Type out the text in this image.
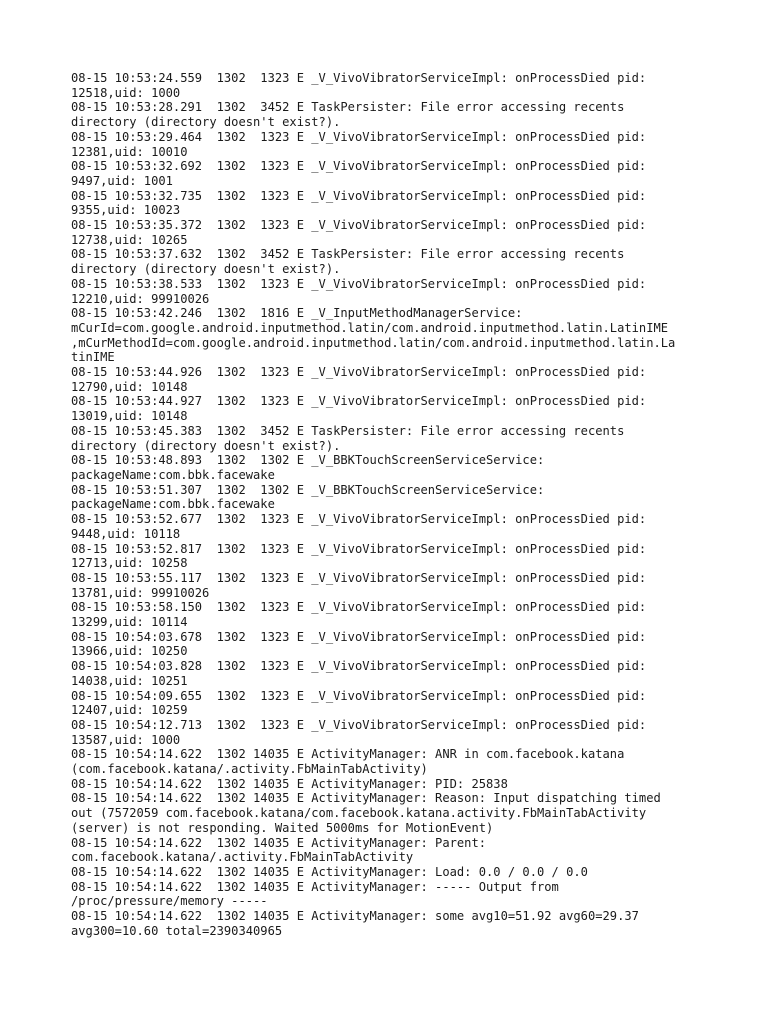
08-15 10:53:24.559  1302  1323 E _V_VivoVibratorServiceImpl: onProcessDied pid:
12518,uid: 1000
08-15 10:53:28.291  1302  3452 E TaskPersister: File error accessing recents
directory (directory doesn't exist?).
08-15 10:53:29.464  1302  1323 E _V_VivoVibratorServiceImpl: onProcessDied pid:
12381,uid: 10010
08-15 10:53:32.692  1302  1323 E _V_VivoVibratorServiceImpl: onProcessDied pid:
9497,uid: 1001
08-15 10:53:32.735  1302  1323 E _V_VivoVibratorServiceImpl: onProcessDied pid:
9355,uid: 10023
08-15 10:53:35.372  1302  1323 E _V_VivoVibratorServiceImpl: onProcessDied pid:
12738,uid: 10265
08-15 10:53:37.632  1302  3452 E TaskPersister: File error accessing recents
directory (directory doesn't exist?).
08-15 10:53:38.533  1302  1323 E _V_VivoVibratorServiceImpl: onProcessDied pid:
12210,uid: 99910026
08-15 10:53:42.246  1302  1816 E _V_InputMethodManagerService:
mCurId=com.google.android.inputmethod.latin/com.android.inputmethod.latin.LatinIME
,mCurMethodId=com.google.android.inputmethod.latin/com.android.inputmethod.latin.La
tinIME
08-15 10:53:44.926  1302  1323 E _V_VivoVibratorServiceImpl: onProcessDied pid:
12790,uid: 10148
08-15 10:53:44.927  1302  1323 E _V_VivoVibratorServiceImpl: onProcessDied pid:
13019,uid: 10148
08-15 10:53:45.383  1302  3452 E TaskPersister: File error accessing recents
directory (directory doesn't exist?).
08-15 10:53:48.893  1302  1302 E _V_BBKTouchScreenServiceService:
packageName:com.bbk.facewake
08-15 10:53:51.307  1302  1302 E _V_BBKTouchScreenServiceService:
packageName:com.bbk.facewake
08-15 10:53:52.677  1302  1323 E _V_VivoVibratorServiceImpl: onProcessDied pid:
9448,uid: 10118
08-15 10:53:52.817  1302  1323 E _V_VivoVibratorServiceImpl: onProcessDied pid:
12713,uid: 10258
08-15 10:53:55.117  1302  1323 E _V_VivoVibratorServiceImpl: onProcessDied pid:
13781,uid: 99910026
08-15 10:53:58.150  1302  1323 E _V_VivoVibratorServiceImpl: onProcessDied pid:
13299,uid: 10114
08-15 10:54:03.678  1302  1323 E _V_VivoVibratorServiceImpl: onProcessDied pid:
13966,uid: 10250
08-15 10:54:03.828  1302  1323 E _V_VivoVibratorServiceImpl: onProcessDied pid:
14038,uid: 10251
08-15 10:54:09.655  1302  1323 E _V_VivoVibratorServiceImpl: onProcessDied pid:
12407,uid: 10259
08-15 10:54:12.713  1302  1323 E _V_VivoVibratorServiceImpl: onProcessDied pid:
13587,uid: 1000
08-15 10:54:14.622  1302 14035 E ActivityManager: ANR in com.facebook.katana
(com.facebook.katana/.activity.FbMainTabActivity)
08-15 10:54:14.622  1302 14035 E ActivityManager: PID: 25838
08-15 10:54:14.622  1302 14035 E ActivityManager: Reason: Input dispatching timed
out (7572059 com.facebook.katana/com.facebook.katana.activity.FbMainTabActivity
(server) is not responding. Waited 5000ms for MotionEvent)
08-15 10:54:14.622  1302 14035 E ActivityManager: Parent:
com.facebook.katana/.activity.FbMainTabActivity
08-15 10:54:14.622  1302 14035 E ActivityManager: Load: 0.0 / 0.0 / 0.0
08-15 10:54:14.622  1302 14035 E ActivityManager: ----- Output from
/proc/pressure/memory -----
08-15 10:54:14.622  1302 14035 E ActivityManager: some avg10=51.92 avg60=29.37
avg300=10.60 total=2390340965
